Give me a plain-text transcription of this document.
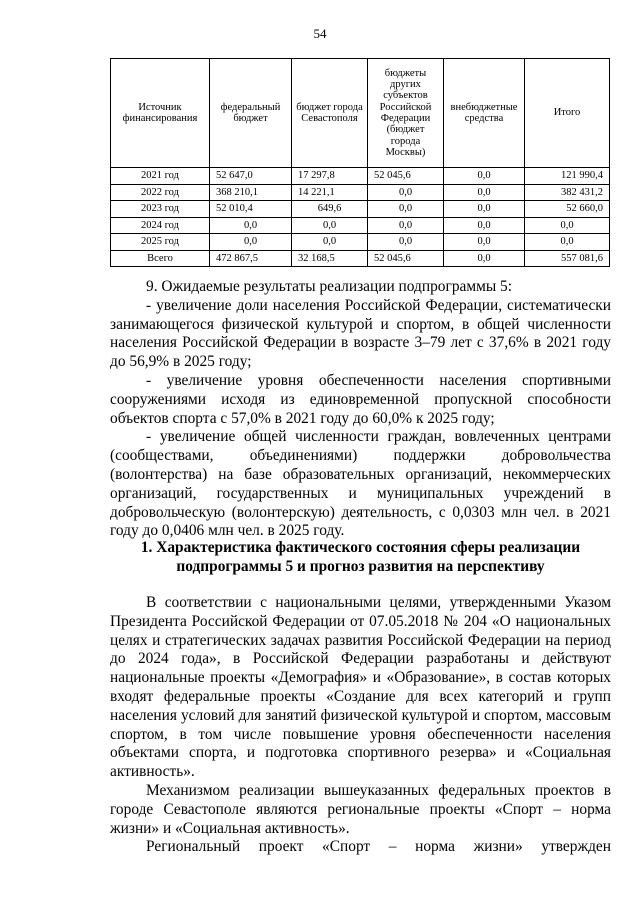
54
Источник финансирования	федеральный бюджет	бюджет города Севастополя	бюджеты других субъектов Российской Федерации (бюджет города Москвы)	внебюджетные средства	Итого
2021 год	52 647,0	17 297,8	52 045,6	0,0	121 990,4
2022 год	368 210,1	14 221,1	0,0	0,0	382 431,2
2023 год	52 010,4	649,6	0,0	0,0	52 660,0
2024 год	0,0	0,0	0,0	0,0	0,0
2025 год	0,0	0,0	0,0	0,0	0,0
Всего	472 867,5	32 168,5	52 045,6	0,0	557 081,6

9. Ожидаемые результаты реализации подпрограммы 5:

- увеличение доли населения Российской Федерации, систематически занимающегося физической культурой и спортом, в общей численности населения Российской Федерации в возрасте 3–79 лет с 37,6% в 2021 году до 56,9% в 2025 году;

- увеличение уровня обеспеченности населения спортивными сооружениями исходя из единовременной пропускной способности объектов спорта с 57,0% в 2021 году до 60,0% к 2025 году;

- увеличение общей численности граждан, вовлеченных центрами (сообществами, объединениями) поддержки добровольчества (волонтерства) на базе образовательных организаций, некоммерческих организаций, государственных и муниципальных учреждений в добровольческую (волонтерскую) деятельность, с 0,0303 млн чел. в 2021 году до 0,0406 млн чел. в 2025 году.

1. Характеристика фактического состояния сферы реализации

подпрограммы 5 и прогноз развития на перспективу

В соответствии с национальными целями, утвержденными Указом Президента Российской Федерации от 07.05.2018 № 204 «О национальных целях и стратегических задачах развития Российской Федерации на период до 2024 года», в Российской Федерации разработаны и действуют национальные проекты «Демография» и «Образование», в состав которых входят федеральные проекты «Создание для всех категорий и групп населения условий для занятий физической культурой и спортом, массовым спортом, в том числе повышение уровня обеспеченности населения объектами спорта, и подготовка спортивного резерва» и «Социальная активность».

Механизмом реализации вышеуказанных федеральных проектов в городе Севастополе являются региональные проекты «Спорт – норма жизни» и «Социальная активность».

Региональный проект «Спорт – норма жизни» утвержден
